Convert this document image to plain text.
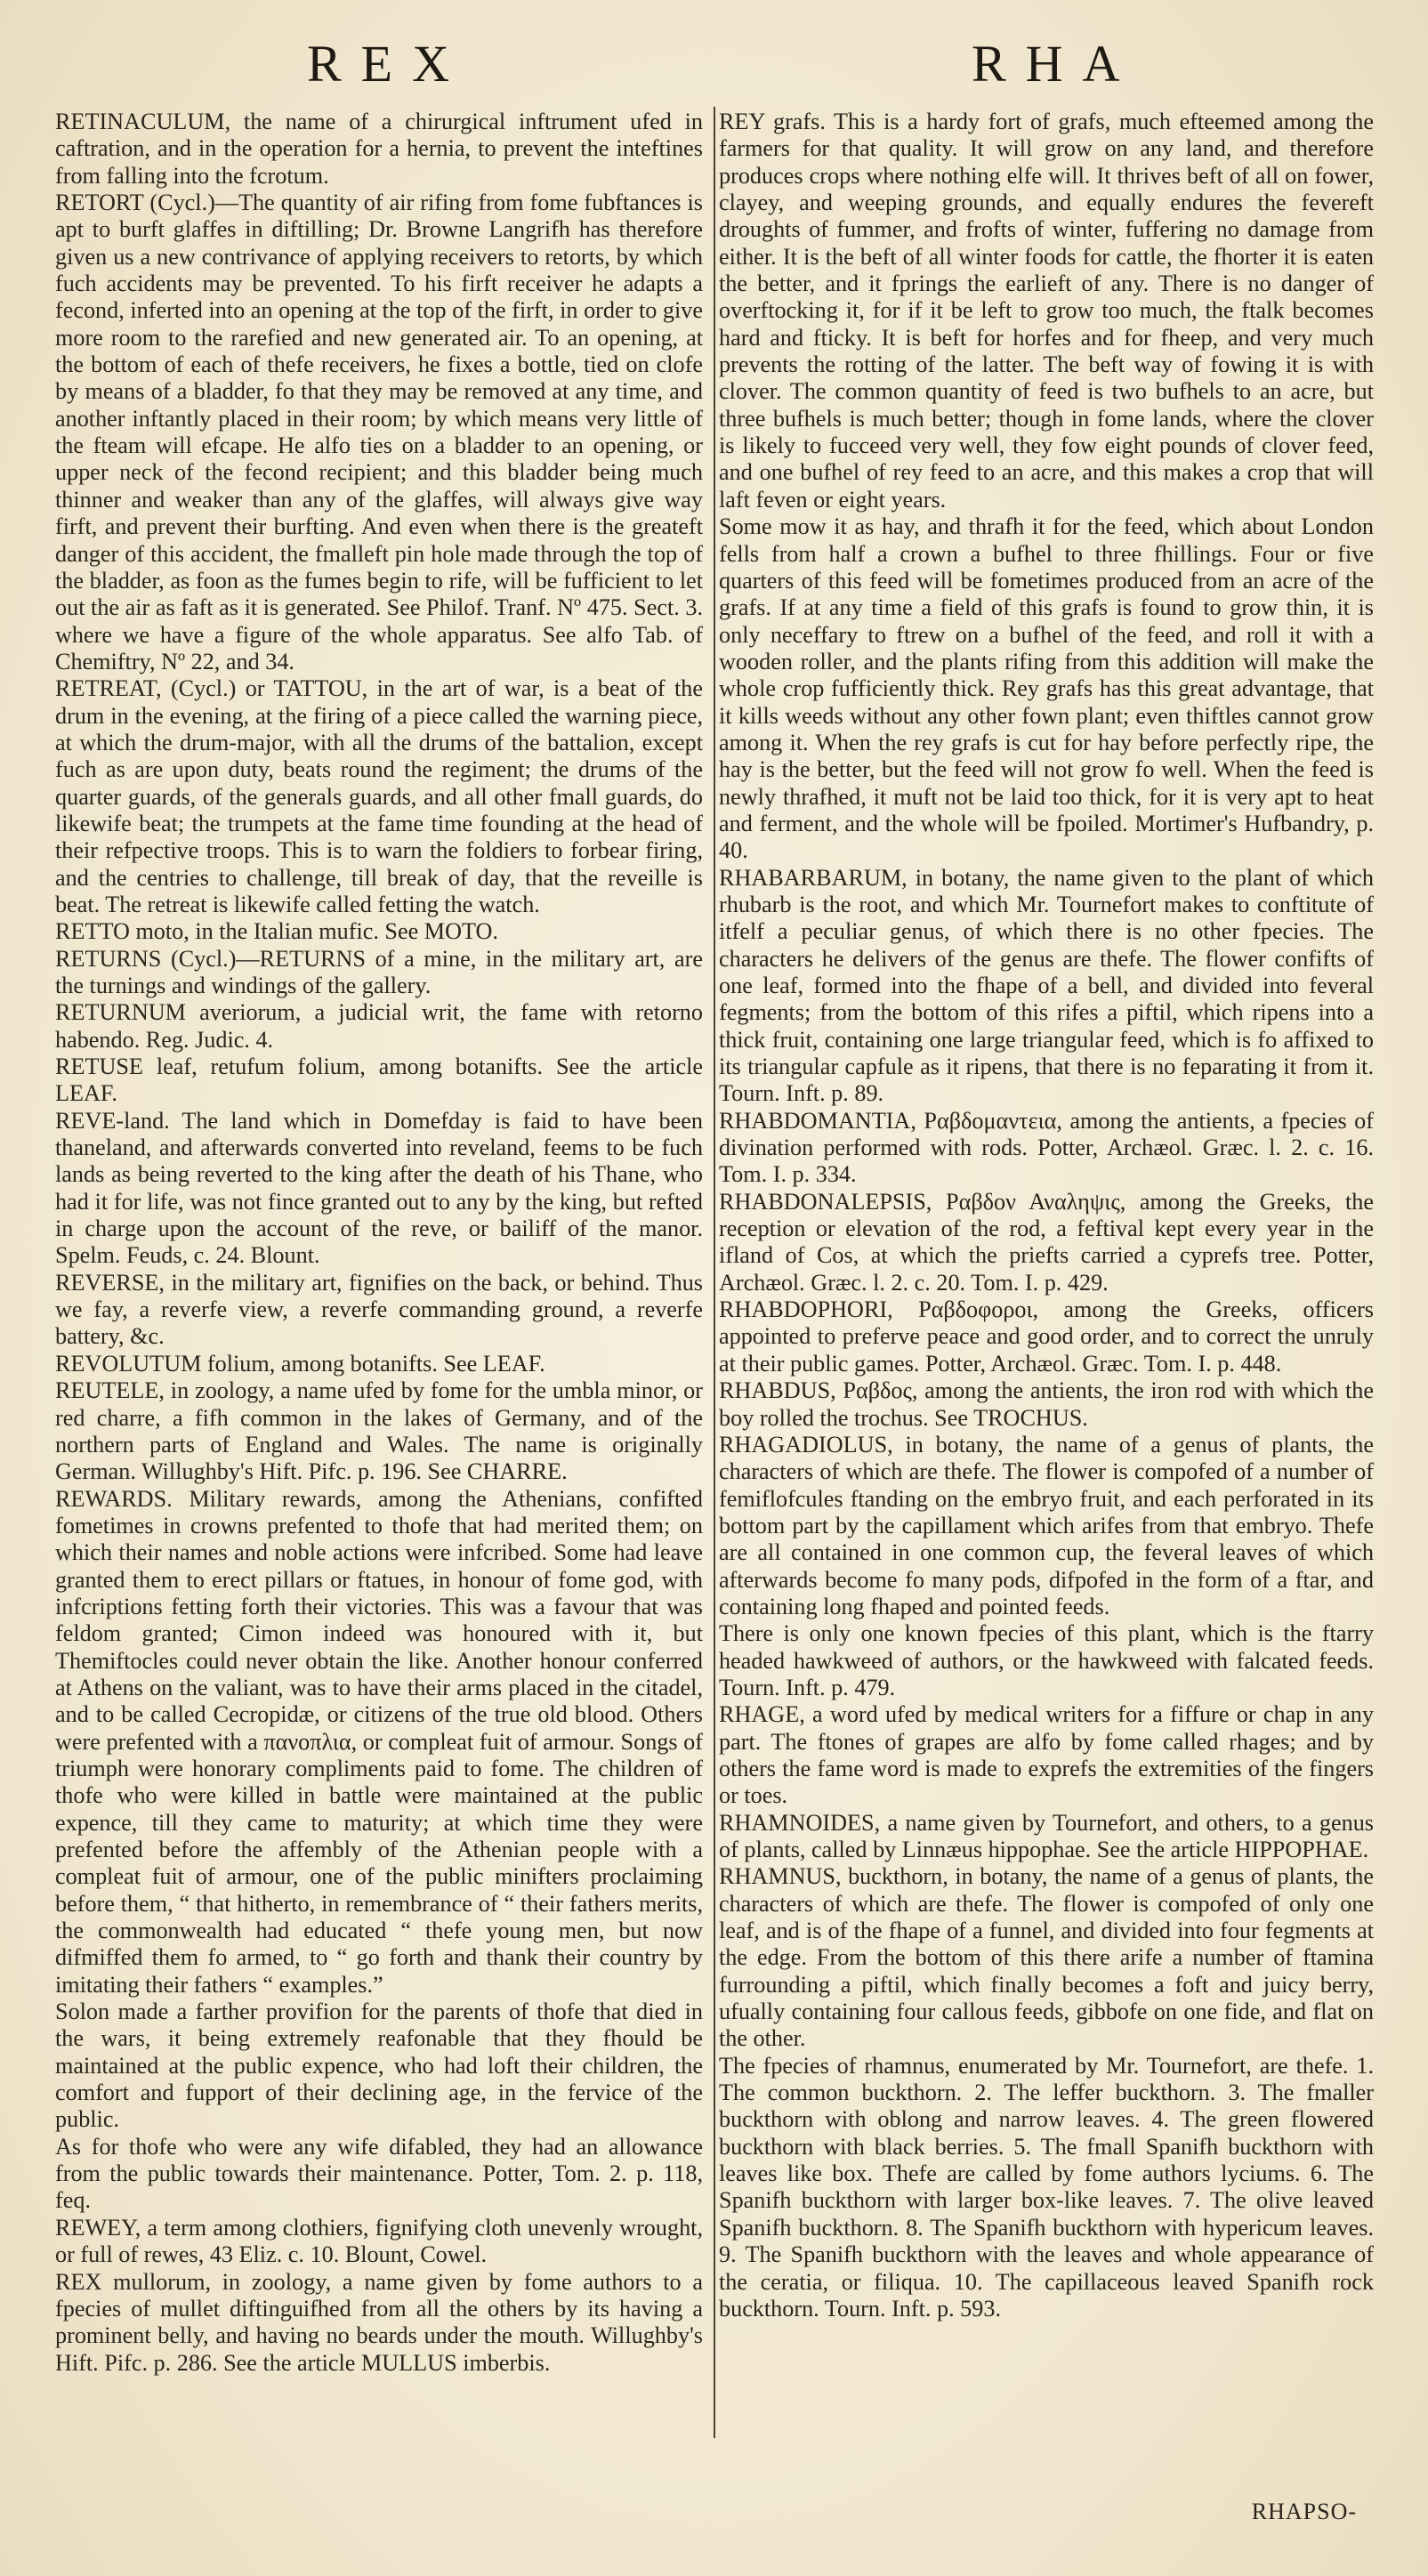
REX	RHA

RETINACULUM, the name of a chirurgical inftrument ufed in caftration, and in the operation for a hernia, to prevent the inteftines from falling into the fcrotum.

RETORT (Cycl.)—The quantity of air rifing from fome fubftances is apt to burft glaffes in diftilling; Dr. Browne Langrifh has therefore given us a new contrivance of applying receivers to retorts, by which fuch accidents may be prevented. To his firft receiver he adapts a fecond, inferted into an opening at the top of the firft, in order to give more room to the rarefied and new generated air. To an opening, at the bottom of each of thefe receivers, he fixes a bottle, tied on clofe by means of a bladder, fo that they may be removed at any time, and another inftantly placed in their room; by which means very little of the fteam will efcape. He alfo ties on a bladder to an opening, or upper neck of the fecond recipient; and this bladder being much thinner and weaker than any of the glaffes, will always give way firft, and prevent their burfting. And even when there is the greateft danger of this accident, the fmalleft pin hole made through the top of the bladder, as foon as the fumes begin to rife, will be fufficient to let out the air as faft as it is generated. See Philof. Tranf. Nº 475. Sect. 3. where we have a figure of the whole apparatus. See alfo Tab. of Chemiftry, Nº 22, and 34.

RETREAT, (Cycl.) or TATTOU, in the art of war, is a beat of the drum in the evening, at the firing of a piece called the warning piece, at which the drum-major, with all the drums of the battalion, except fuch as are upon duty, beats round the regiment; the drums of the quarter guards, of the generals guards, and all other fmall guards, do likewife beat; the trumpets at the fame time founding at the head of their refpective troops. This is to warn the foldiers to forbear firing, and the centries to challenge, till break of day, that the reveille is beat. The retreat is likewife called fetting the watch.

RETTO moto, in the Italian mufic. See MOTO.

RETURNS (Cycl.)—RETURNS of a mine, in the military art, are the turnings and windings of the gallery.

RETURNUM averiorum, a judicial writ, the fame with retorno habendo. Reg. Judic. 4.

RETUSE leaf, retufum folium, among botanifts. See the article LEAF.

REVE-land. The land which in Domefday is faid to have been thaneland, and afterwards converted into reveland, feems to be fuch lands as being reverted to the king after the death of his Thane, who had it for life, was not fince granted out to any by the king, but refted in charge upon the account of the reve, or bailiff of the manor. Spelm. Feuds, c. 24. Blount.

REVERSE, in the military art, fignifies on the back, or behind. Thus we fay, a reverfe view, a reverfe commanding ground, a reverfe battery, &c.

REVOLUTUM folium, among botanifts. See LEAF.

REUTELE, in zoology, a name ufed by fome for the umbla minor, or red charre, a fifh common in the lakes of Germany, and of the northern parts of England and Wales. The name is originally German. Willughby's Hift. Pifc. p. 196. See CHARRE.

REWARDS. Military rewards, among the Athenians, confifted fometimes in crowns prefented to thofe that had merited them; on which their names and noble actions were infcribed. Some had leave granted them to erect pillars or ftatues, in honour of fome god, with infcriptions fetting forth their victories. This was a favour that was feldom granted; Cimon indeed was honoured with it, but Themiftocles could never obtain the like. Another honour conferred at Athens on the valiant, was to have their arms placed in the citadel, and to be called Cecropidæ, or citizens of the true old blood. Others were prefented with a πανοπλια, or compleat fuit of armour. Songs of triumph were honorary compliments paid to fome. The children of thofe who were killed in battle were maintained at the public expence, till they came to maturity; at which time they were prefented before the affembly of the Athenian people with a compleat fuit of armour, one of the public minifters proclaiming before them, “ that hitherto, in remembrance of “ their fathers merits, the commonwealth had educated “ thefe young men, but now difmiffed them fo armed, to “ go forth and thank their country by imitating their fathers “ examples.”

Solon made a farther provifion for the parents of thofe that died in the wars, it being extremely reafonable that they fhould be maintained at the public expence, who had loft their children, the comfort and fupport of their declining age, in the fervice of the public.

As for thofe who were any wife difabled, they had an allowance from the public towards their maintenance. Potter, Tom. 2. p. 118, feq.

REWEY, a term among clothiers, fignifying cloth unevenly wrought, or full of rewes, 43 Eliz. c. 10. Blount, Cowel.

REX mullorum, in zoology, a name given by fome authors to a fpecies of mullet diftinguifhed from all the others by its having a prominent belly, and having no beards under the mouth. Willughby's Hift. Pifc. p. 286. See the article MULLUS imberbis.

REY grafs. This is a hardy fort of grafs, much efteemed among the farmers for that quality. It will grow on any land, and therefore produces crops where nothing elfe will. It thrives beft of all on fower, clayey, and weeping grounds, and equally endures the fevereft droughts of fummer, and frofts of winter, fuffering no damage from either. It is the beft of all winter foods for cattle, the fhorter it is eaten the better, and it fprings the earlieft of any. There is no danger of overftocking it, for if it be left to grow too much, the ftalk becomes hard and fticky. It is beft for horfes and for fheep, and very much prevents the rotting of the latter. The beft way of fowing it is with clover. The common quantity of feed is two bufhels to an acre, but three bufhels is much better; though in fome lands, where the clover is likely to fucceed very well, they fow eight pounds of clover feed, and one bufhel of rey feed to an acre, and this makes a crop that will laft feven or eight years.

Some mow it as hay, and thrafh it for the feed, which about London fells from half a crown a bufhel to three fhillings. Four or five quarters of this feed will be fometimes produced from an acre of the grafs. If at any time a field of this grafs is found to grow thin, it is only neceffary to ftrew on a bufhel of the feed, and roll it with a wooden roller, and the plants rifing from this addition will make the whole crop fufficiently thick. Rey grafs has this great advantage, that it kills weeds without any other fown plant; even thiftles cannot grow among it. When the rey grafs is cut for hay before perfectly ripe, the hay is the better, but the feed will not grow fo well. When the feed is newly thrafhed, it muft not be laid too thick, for it is very apt to heat and ferment, and the whole will be fpoiled. Mortimer's Hufbandry, p. 40.

RHABARBARUM, in botany, the name given to the plant of which rhubarb is the root, and which Mr. Tournefort makes to conftitute of itfelf a peculiar genus, of which there is no other fpecies. The characters he delivers of the genus are thefe. The flower confifts of one leaf, formed into the fhape of a bell, and divided into feveral fegments; from the bottom of this rifes a piftil, which ripens into a thick fruit, containing one large triangular feed, which is fo affixed to its triangular capfule as it ripens, that there is no feparating it from it. Tourn. Inft. p. 89.

RHABDOMANTIA, Ραβδομαντεια, among the antients, a fpecies of divination performed with rods. Potter, Archæol. Græc. l. 2. c. 16. Tom. I. p. 334.

RHABDONALEPSIS, Ραβδον Αναληψις, among the Greeks, the reception or elevation of the rod, a feftival kept every year in the ifland of Cos, at which the priefts carried a cyprefs tree. Potter, Archæol. Græc. l. 2. c. 20. Tom. I. p. 429.

RHABDOPHORI, Ραβδοφοροι, among the Greeks, officers appointed to preferve peace and good order, and to correct the unruly at their public games. Potter, Archæol. Græc. Tom. I. p. 448.

RHABDUS, Ραβδος, among the antients, the iron rod with which the boy rolled the trochus. See TROCHUS.

RHAGADIOLUS, in botany, the name of a genus of plants, the characters of which are thefe. The flower is compofed of a number of femiflofcules ftanding on the embryo fruit, and each perforated in its bottom part by the capillament which arifes from that embryo. Thefe are all contained in one common cup, the feveral leaves of which afterwards become fo many pods, difpofed in the form of a ftar, and containing long fhaped and pointed feeds.

There is only one known fpecies of this plant, which is the ftarry headed hawkweed of authors, or the hawkweed with falcated feeds. Tourn. Inft. p. 479.

RHAGE, a word ufed by medical writers for a fiffure or chap in any part. The ftones of grapes are alfo by fome called rhages; and by others the fame word is made to exprefs the extremities of the fingers or toes.

RHAMNOIDES, a name given by Tournefort, and others, to a genus of plants, called by Linnæus hippophae. See the article HIPPOPHAE.

RHAMNUS, buckthorn, in botany, the name of a genus of plants, the characters of which are thefe. The flower is compofed of only one leaf, and is of the fhape of a funnel, and divided into four fegments at the edge. From the bottom of this there arife a number of ftamina furrounding a piftil, which finally becomes a foft and juicy berry, ufually containing four callous feeds, gibbofe on one fide, and flat on the other.

The fpecies of rhamnus, enumerated by Mr. Tournefort, are thefe. 1. The common buckthorn. 2. The leffer buckthorn. 3. The fmaller buckthorn with oblong and narrow leaves. 4. The green flowered buckthorn with black berries. 5. The fmall Spanifh buckthorn with leaves like box. Thefe are called by fome authors lyciums. 6. The Spanifh buckthorn with larger box-like leaves. 7. The olive leaved Spanifh buckthorn. 8. The Spanifh buckthorn with hypericum leaves. 9. The Spanifh buckthorn with the leaves and whole appearance of the ceratia, or filiqua. 10. The capillaceous leaved Spanifh rock buckthorn. Tourn. Inft. p. 593.

RHAPSO-
